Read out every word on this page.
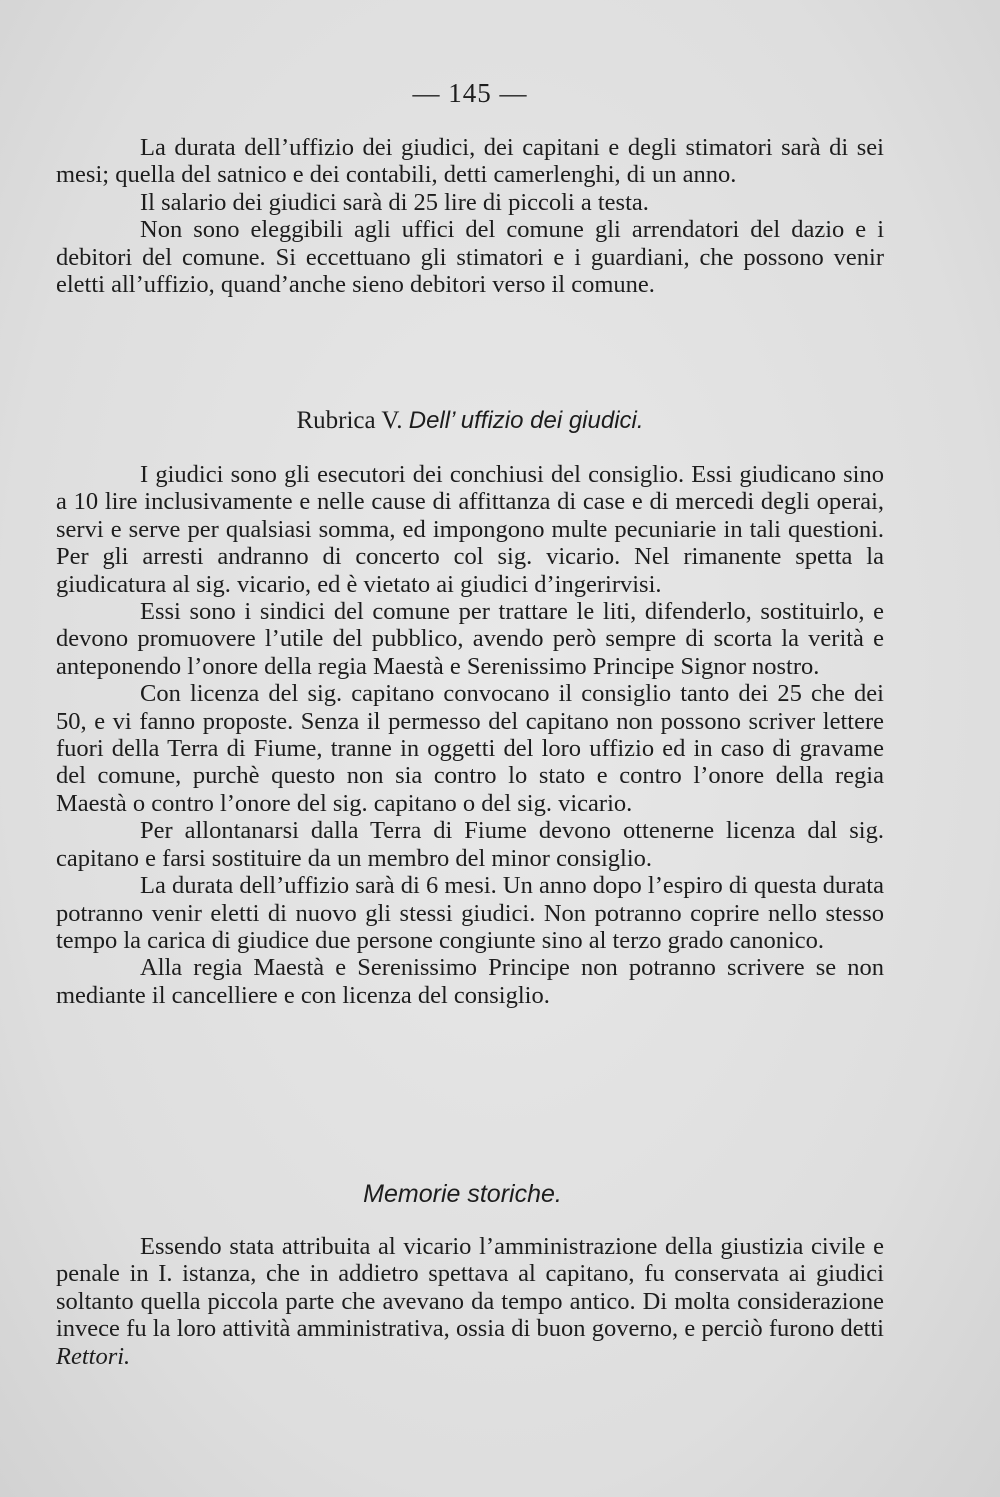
— 145 —

La durata dell’uffizio dei giudici, dei capitani e degli stimatori sarà di sei mesi; quella del satnico e dei contabili, detti camerlenghi, di un anno.

Il salario dei giudici sarà di 25 lire di piccoli a testa.

Non sono eleggibili agli uffici del comune gli arrendatori del dazio e i debitori del comune. Si eccettuano gli stimatori e i guardiani, che possono venir eletti all’uffizio, quand’anche sieno debitori verso il comune.

Rubrica V. Dell’ uffizio dei giudici.

I giudici sono gli esecutori dei conchiusi del consiglio. Essi giudicano sino a 10 lire inclusivamente e nelle cause di affittanza di case e di mercedi degli operai, servi e serve per qualsiasi somma, ed impongono multe pecuniarie in tali questioni. Per gli arresti andranno di concerto col sig. vicario. Nel rimanente spetta la giudicatura al sig. vicario, ed è vietato ai giudici d’ingerirvisi.

Essi sono i sindici del comune per trattare le liti, difenderlo, sostituirlo, e devono promuovere l’utile del pubblico, avendo però sempre di scorta la verità e anteponendo l’onore della regia Maestà e Serenissimo Principe Signor nostro.

Con licenza del sig. capitano convocano il consiglio tanto dei 25 che dei 50, e vi fanno proposte. Senza il permesso del capitano non possono scriver lettere fuori della Terra di Fiume, tranne in oggetti del loro uffizio ed in caso di gravame del comune, purchè questo non sia contro lo stato e contro l’onore della regia Maestà o contro l’onore del sig. capitano o del sig. vicario.

Per allontanarsi dalla Terra di Fiume devono ottenerne licenza dal sig. capitano e farsi sostituire da un membro del minor consiglio.

La durata dell’uffizio sarà di 6 mesi. Un anno dopo l’espiro di questa durata potranno venir eletti di nuovo gli stessi giudici. Non potranno coprire nello stesso tempo la carica di giudice due persone congiunte sino al terzo grado canonico.

Alla regia Maestà e Serenissimo Principe non potranno scrivere se non mediante il cancelliere e con licenza del consiglio.

Memorie storiche.

Essendo stata attribuita al vicario l’amministrazione della giustizia civile e penale in I. istanza, che in addietro spettava al capitano, fu conservata ai giudici soltanto quella piccola parte che avevano da tempo antico. Di molta considerazione invece fu la loro attività amministrativa, ossia di buon governo, e perciò furono detti Rettori.
